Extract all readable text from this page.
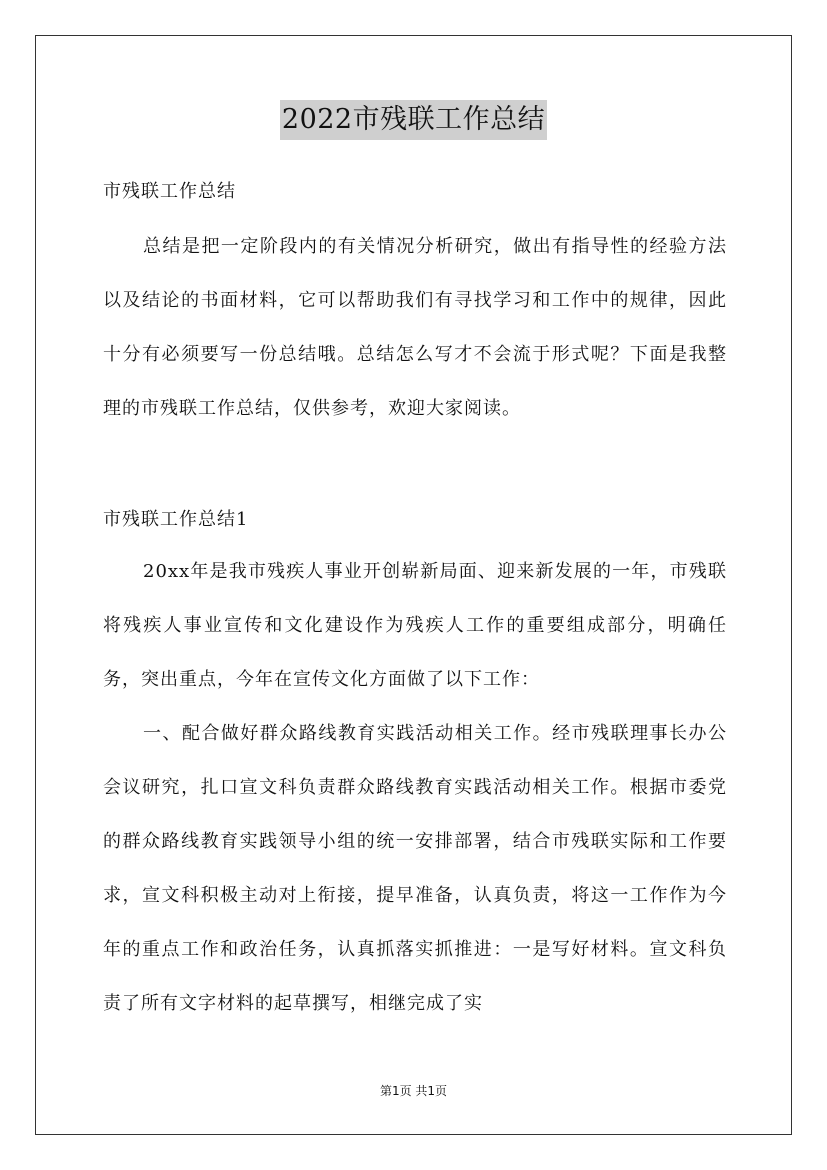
2022市残联工作总结
市残联工作总结
总结是把一定阶段内的有关情况分析研究，做出有指导性的经验方法以及结论的书面材料，它可以帮助我们有寻找学习和工作中的规律，因此十分有必须要写一份总结哦。总结怎么写才不会流于形式呢？下面是我整理的市残联工作总结，仅供参考，欢迎大家阅读。
市残联工作总结1
20xx年是我市残疾人事业开创崭新局面、迎来新发展的一年，市残联将残疾人事业宣传和文化建设作为残疾人工作的重要组成部分，明确任务，突出重点，今年在宣传文化方面做了以下工作：
一、配合做好群众路线教育实践活动相关工作。经市残联理事长办公会议研究，扎口宣文科负责群众路线教育实践活动相关工作。根据市委党的群众路线教育实践领导小组的统一安排部署，结合市残联实际和工作要求，宣文科积极主动对上衔接，提早准备，认真负责，将这一工作作为今年的重点工作和政治任务，认真抓落实抓推进：一是写好材料。宣文科负责了所有文字材料的起草撰写，相继完成了实
第1页 共1页
